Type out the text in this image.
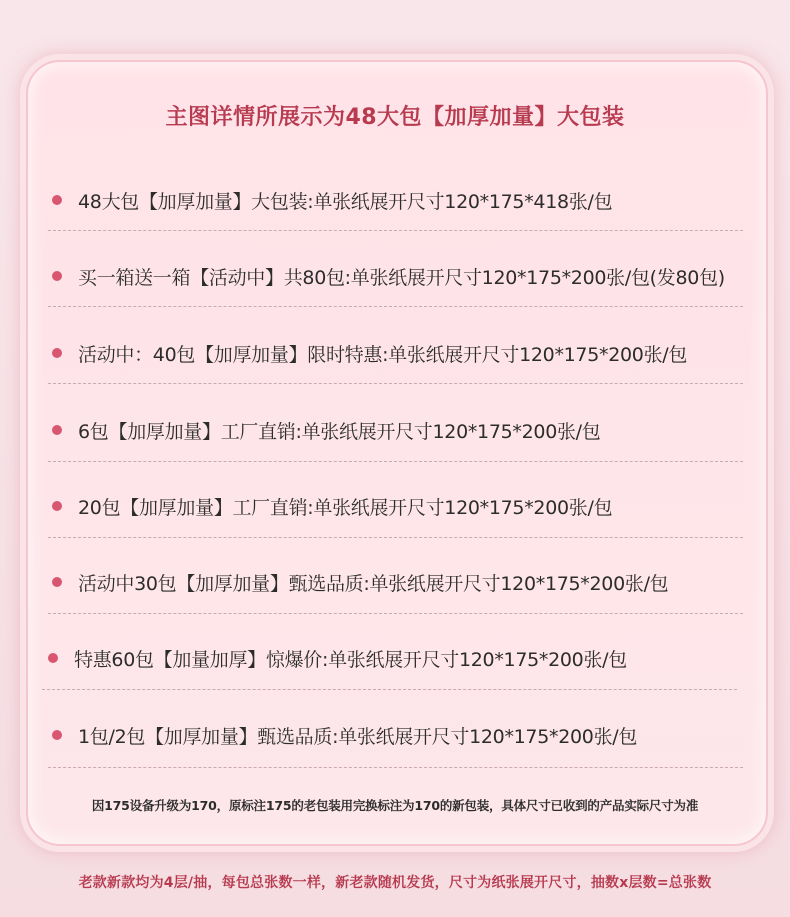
主图详情所展示为48大包【加厚加量】大包装
48大包【加厚加量】大包装:单张纸展开尺寸120*175*418张/包
买一箱送一箱【活动中】共80包:单张纸展开尺寸120*175*200张/包(发80包)
活动中：40包【加厚加量】限时特惠:单张纸展开尺寸120*175*200张/包
6包【加厚加量】工厂直销:单张纸展开尺寸120*175*200张/包
20包【加厚加量】工厂直销:单张纸展开尺寸120*175*200张/包
活动中30包【加厚加量】甄选品质:单张纸展开尺寸120*175*200张/包
特惠60包【加量加厚】惊爆价:单张纸展开尺寸120*175*200张/包
1包/2包【加厚加量】甄选品质:单张纸展开尺寸120*175*200张/包
因175设备升级为170，原标注175的老包装用完换标注为170的新包装，具体尺寸已收到的产品实际尺寸为准
老款新款均为4层/抽，每包总张数一样，新老款随机发货，尺寸为纸张展开尺寸，抽数x层数=总张数
